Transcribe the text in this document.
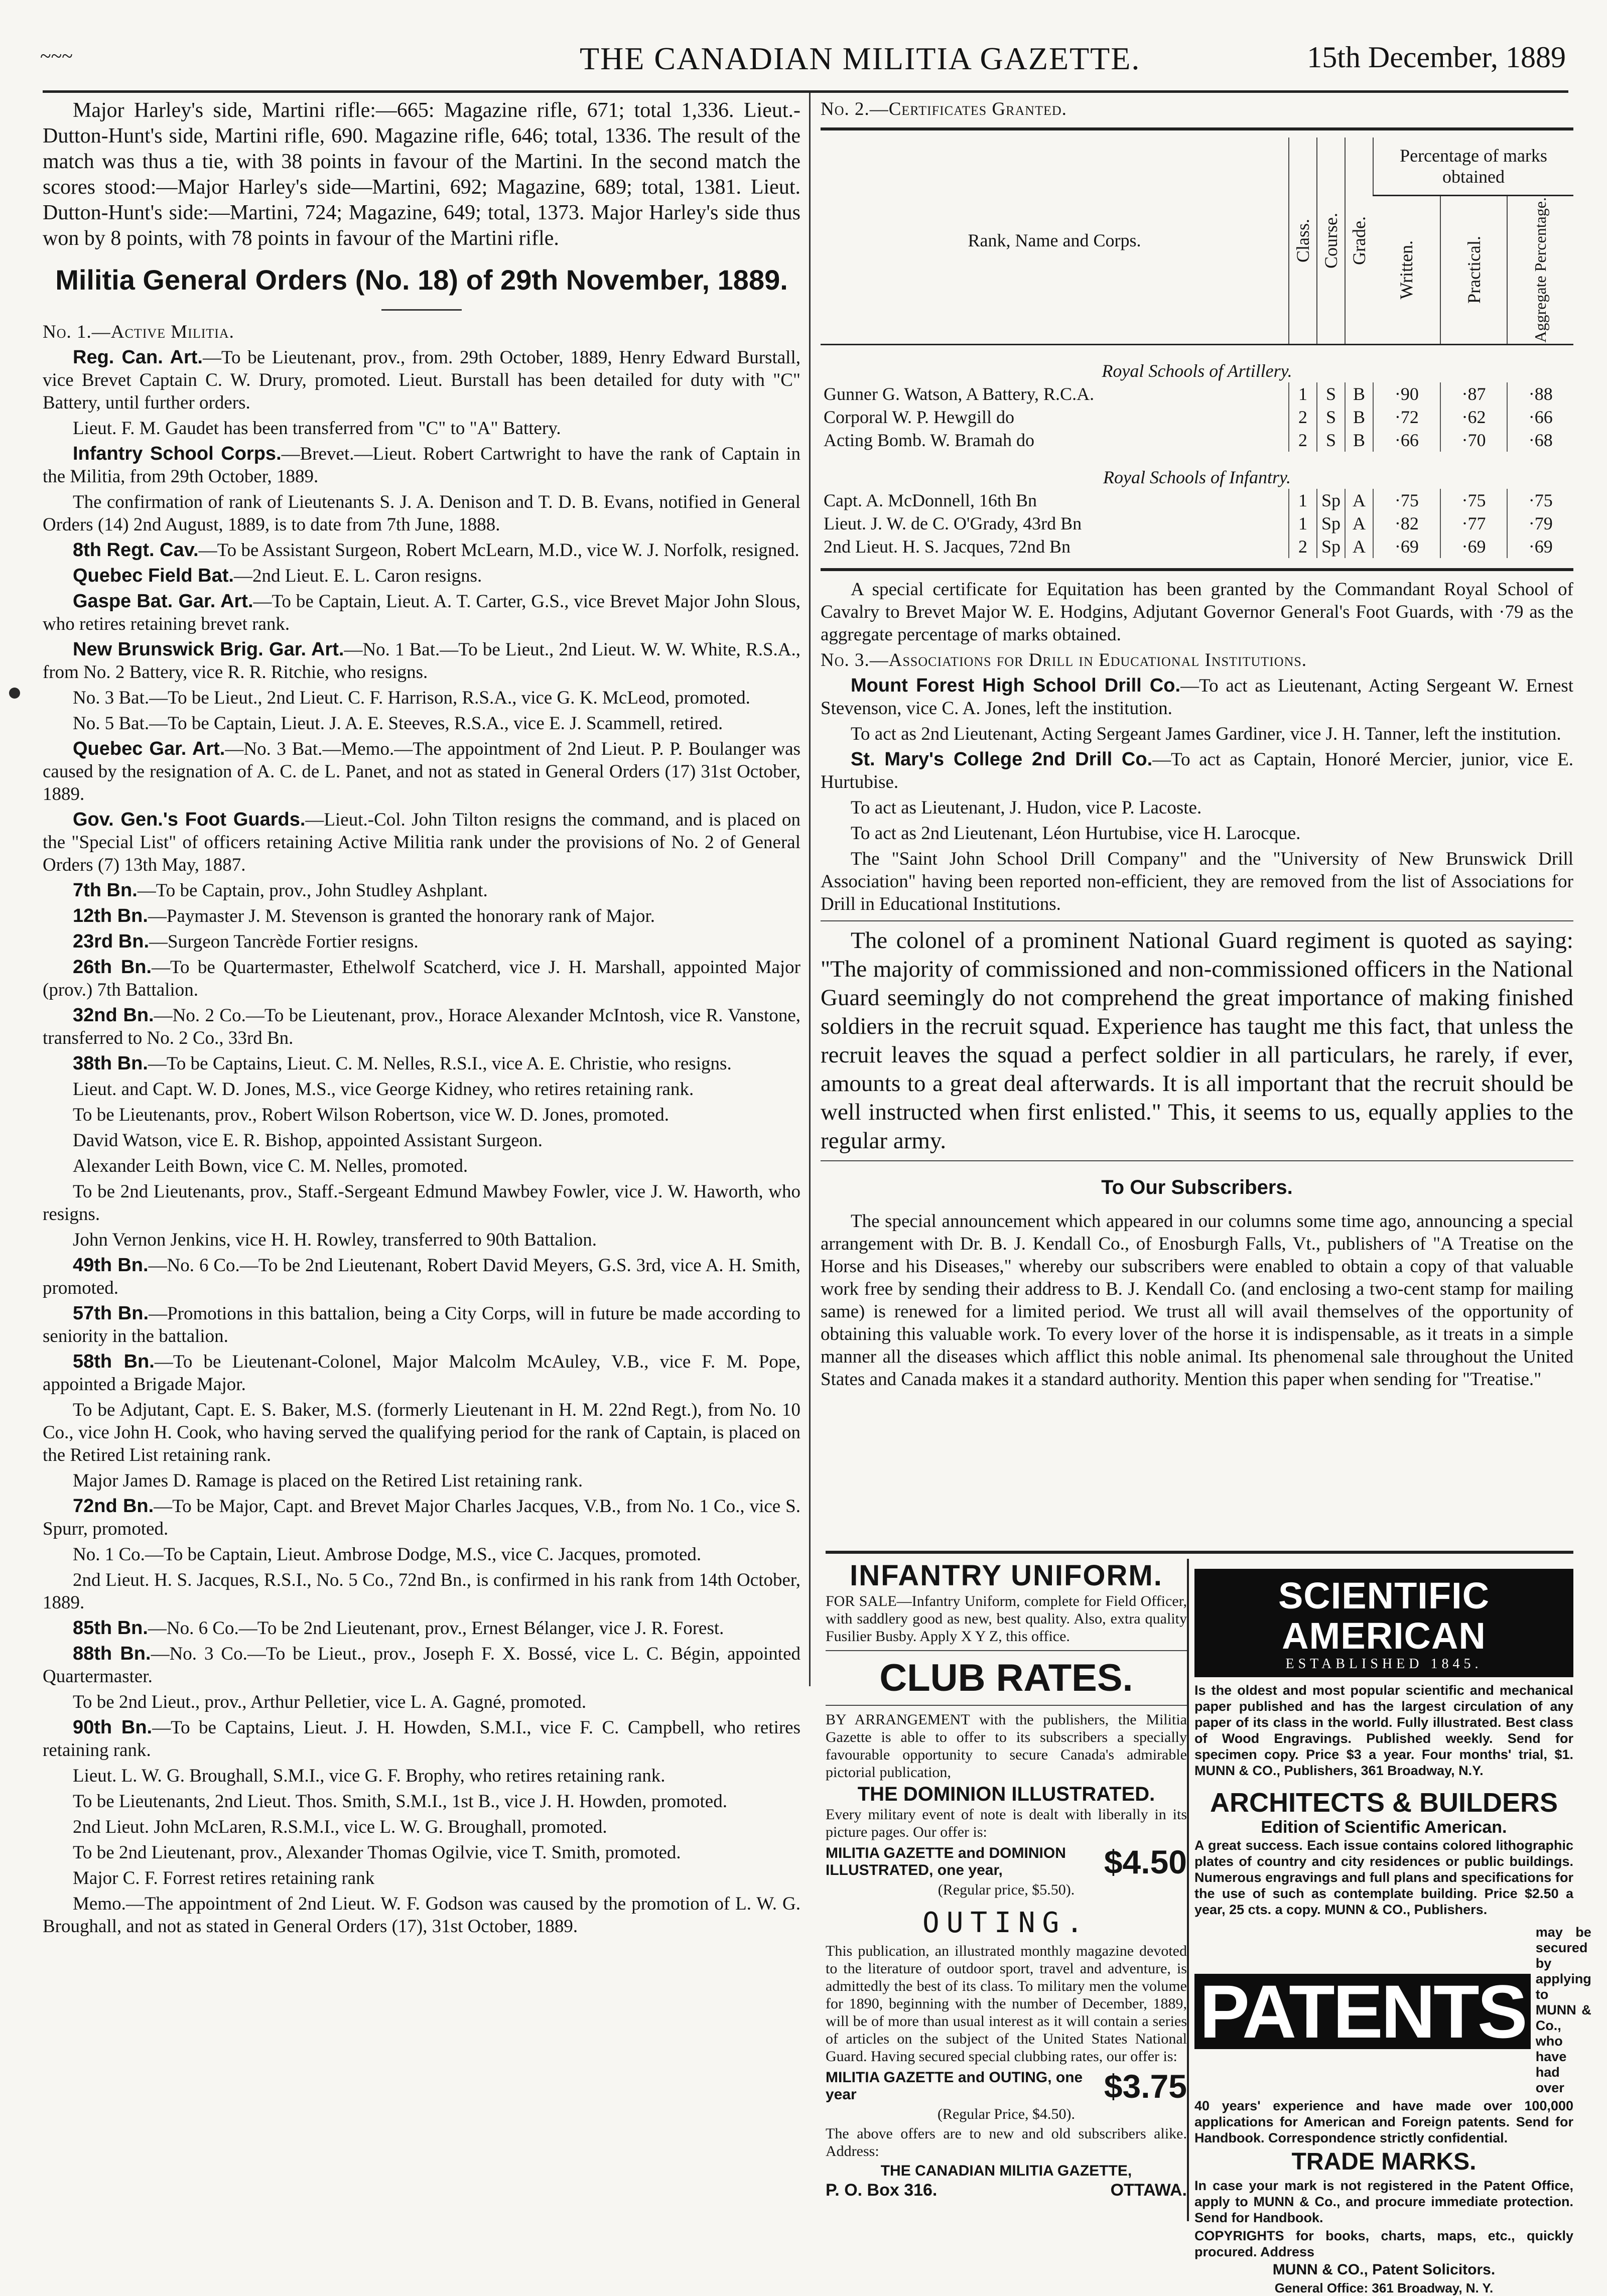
~~~	THE CANADIAN MILITIA GAZETTE.	15th December, 1889

Major Harley's side, Martini rifle:—665: Magazine rifle, 671; total 1,336. Lieut.-Dutton-Hunt's side, Martini rifle, 690. Magazine rifle, 646; total, 1336. The result of the match was thus a tie, with 38 points in favour of the Martini. In the second match the scores stood:—Major Harley's side—Martini, 692; Magazine, 689; total, 1381. Lieut. Dutton-Hunt's side:—Martini, 724; Magazine, 649; total, 1373. Major Harley's side thus won by 8 points, with 78 points in favour of the Martini rifle.

Militia General Orders (No. 18) of 29th November, 1889.

No. 1.—Active Militia.

Reg. Can. Art.—To be Lieutenant, prov., from. 29th October, 1889, Henry Edward Burstall, vice Brevet Captain C. W. Drury, promoted. Lieut. Burstall has been detailed for duty with "C" Battery, until further orders.

Lieut. F. M. Gaudet has been transferred from "C" to "A" Battery.

Infantry School Corps.—Brevet.—Lieut. Robert Cartwright to have the rank of Captain in the Militia, from 29th October, 1889.

The confirmation of rank of Lieutenants S. J. A. Denison and T. D. B. Evans, notified in General Orders (14) 2nd August, 1889, is to date from 7th June, 1888.

8th Regt. Cav.—To be Assistant Surgeon, Robert McLearn, M.D., vice W. J. Norfolk, resigned.

Quebec Field Bat.—2nd Lieut. E. L. Caron resigns.

Gaspe Bat. Gar. Art.—To be Captain, Lieut. A. T. Carter, G.S., vice Brevet Major John Slous, who retires retaining brevet rank.

New Brunswick Brig. Gar. Art.—No. 1 Bat.—To be Lieut., 2nd Lieut. W. W. White, R.S.A., from No. 2 Battery, vice R. R. Ritchie, who resigns.

No. 3 Bat.—To be Lieut., 2nd Lieut. C. F. Harrison, R.S.A., vice G. K. McLeod, promoted.

No. 5 Bat.—To be Captain, Lieut. J. A. E. Steeves, R.S.A., vice E. J. Scammell, retired.

Quebec Gar. Art.—No. 3 Bat.—Memo.—The appointment of 2nd Lieut. P. P. Boulanger was caused by the resignation of A. C. de L. Panet, and not as stated in General Orders (17) 31st October, 1889.

Gov. Gen.'s Foot Guards.—Lieut.-Col. John Tilton resigns the command, and is placed on the "Special List" of officers retaining Active Militia rank under the provisions of No. 2 of General Orders (7) 13th May, 1887.

7th Bn.—To be Captain, prov., John Studley Ashplant.

12th Bn.—Paymaster J. M. Stevenson is granted the honorary rank of Major.

23rd Bn.—Surgeon Tancrède Fortier resigns.

26th Bn.—To be Quartermaster, Ethelwolf Scatcherd, vice J. H. Marshall, appointed Major (prov.) 7th Battalion.

32nd Bn.—No. 2 Co.—To be Lieutenant, prov., Horace Alexander McIntosh, vice R. Vanstone, transferred to No. 2 Co., 33rd Bn.

38th Bn.—To be Captains, Lieut. C. M. Nelles, R.S.I., vice A. E. Christie, who resigns.

Lieut. and Capt. W. D. Jones, M.S., vice George Kidney, who retires retaining rank.

To be Lieutenants, prov., Robert Wilson Robertson, vice W. D. Jones, promoted.

David Watson, vice E. R. Bishop, appointed Assistant Surgeon.

Alexander Leith Bown, vice C. M. Nelles, promoted.

To be 2nd Lieutenants, prov., Staff.-Sergeant Edmund Mawbey Fowler, vice J. W. Haworth, who resigns.

John Vernon Jenkins, vice H. H. Rowley, transferred to 90th Battalion.

49th Bn.—No. 6 Co.—To be 2nd Lieutenant, Robert David Meyers, G.S. 3rd, vice A. H. Smith, promoted.

57th Bn.—Promotions in this battalion, being a City Corps, will in future be made according to seniority in the battalion.

58th Bn.—To be Lieutenant-Colonel, Major Malcolm McAuley, V.B., vice F. M. Pope, appointed a Brigade Major.

To be Adjutant, Capt. E. S. Baker, M.S. (formerly Lieutenant in H. M. 22nd Regt.), from No. 10 Co., vice John H. Cook, who having served the qualifying period for the rank of Captain, is placed on the Retired List retaining rank.

Major James D. Ramage is placed on the Retired List retaining rank.

72nd Bn.—To be Major, Capt. and Brevet Major Charles Jacques, V.B., from No. 1 Co., vice S. Spurr, promoted.

No. 1 Co.—To be Captain, Lieut. Ambrose Dodge, M.S., vice C. Jacques, promoted.

2nd Lieut. H. S. Jacques, R.S.I., No. 5 Co., 72nd Bn., is confirmed in his rank from 14th October, 1889.

85th Bn.—No. 6 Co.—To be 2nd Lieutenant, prov., Ernest Bélanger, vice J. R. Forest.

88th Bn.—No. 3 Co.—To be Lieut., prov., Joseph F. X. Bossé, vice L. C. Bégin, appointed Quartermaster.

To be 2nd Lieut., prov., Arthur Pelletier, vice L. A. Gagné, promoted.

90th Bn.—To be Captains, Lieut. J. H. Howden, S.M.I., vice F. C. Campbell, who retires retaining rank.

Lieut. L. W. G. Broughall, S.M.I., vice G. F. Brophy, who retires retaining rank.

To be Lieutenants, 2nd Lieut. Thos. Smith, S.M.I., 1st B., vice J. H. Howden, promoted.

2nd Lieut. John McLaren, R.S.M.I., vice L. W. G. Broughall, promoted.

To be 2nd Lieutenant, prov., Alexander Thomas Ogilvie, vice T. Smith, promoted.

Major C. F. Forrest retires retaining rank

Memo.—The appointment of 2nd Lieut. W. F. Godson was caused by the promotion of L. W. G. Broughall, and not as stated in General Orders (17), 31st October, 1889.

No. 2.—Certificates Granted.

Rank, Name and Corps.	Class.	Course.	Grade.	Percentage of marks obtained		

				Written.	Practical.	Aggregate Percentage.

Royal Schools of Artillery.						
Gunner G. Watson, A Battery, R.C.A.	1	S	B	·90	·87	·88
Corporal W. P. Hewgill do	2	S	B	·72	·62	·66
Acting Bomb. W. Bramah do	2	S	B	·66	·70	·68
Royal Schools of Infantry.						
Capt. A. McDonnell, 16th Bn	1	Sp	A	·75	·75	·75
Lieut. J. W. de C. O'Grady, 43rd Bn	1	Sp	A	·82	·77	·79
2nd Lieut. H. S. Jacques, 72nd Bn	2	Sp	A	·69	·69	·69

A special certificate for Equitation has been granted by the Commandant Royal School of Cavalry to Brevet Major W. E. Hodgins, Adjutant Governor General's Foot Guards, with ·79 as the aggregate percentage of marks obtained.

No. 3.—Associations for Drill in Educational Institutions.

Mount Forest High School Drill Co.—To act as Lieutenant, Acting Sergeant W. Ernest Stevenson, vice C. A. Jones, left the institution.

To act as 2nd Lieutenant, Acting Sergeant James Gardiner, vice J. H. Tanner, left the institution.

St. Mary's College 2nd Drill Co.—To act as Captain, Honoré Mercier, junior, vice E. Hurtubise.

To act as Lieutenant, J. Hudon, vice P. Lacoste.

To act as 2nd Lieutenant, Léon Hurtubise, vice H. Larocque.

The "Saint John School Drill Company" and the "University of New Brunswick Drill Association" having been reported non-efficient, they are removed from the list of Associations for Drill in Educational Institutions.

The colonel of a prominent National Guard regiment is quoted as saying: "The majority of commissioned and non-commissioned officers in the National Guard seemingly do not comprehend the great importance of making finished soldiers in the recruit squad. Experience has taught me this fact, that unless the recruit leaves the squad a perfect soldier in all particulars, he rarely, if ever, amounts to a great deal afterwards. It is all important that the recruit should be well instructed when first enlisted." This, it seems to us, equally applies to the regular army.

To Our Subscribers.

The special announcement which appeared in our columns some time ago, announcing a special arrangement with Dr. B. J. Kendall Co., of Enosburgh Falls, Vt., publishers of "A Treatise on the Horse and his Diseases," whereby our subscribers were enabled to obtain a copy of that valuable work free by sending their address to B. J. Kendall Co. (and enclosing a two-cent stamp for mailing same) is renewed for a limited period. We trust all will avail themselves of the opportunity of obtaining this valuable work. To every lover of the horse it is indispensable, as it treats in a simple manner all the diseases which afflict this noble animal. Its phenomenal sale throughout the United States and Canada makes it a standard authority. Mention this paper when sending for "Treatise."

INFANTRY UNIFORM.

FOR SALE—Infantry Uniform, complete for Field Officer, with saddlery good as new, best quality. Also, extra quality Fusilier Busby. Apply X Y Z, this office.

CLUB RATES.

BY ARRANGEMENT with the publishers, the Militia Gazette is able to offer to its subscribers a specially favourable opportunity to secure Canada's admirable pictorial publication,

THE DOMINION ILLUSTRATED.

Every military event of note is dealt with liberally in its picture pages. Our offer is:

MILITIA GAZETTE and DOMINION ILLUSTRATED, one year,	$4.50

(Regular price, $5.50).

OUTING.

This publication, an illustrated monthly magazine devoted to the literature of outdoor sport, travel and adventure, is admittedly the best of its class. To military men the volume for 1890, beginning with the number of December, 1889, will be of more than usual interest as it will contain a series of articles on the subject of the United States National Guard. Having secured special clubbing rates, our offer is:

MILITIA GAZETTE and OUTING, one year	$3.75

(Regular Price, $4.50).

The above offers are to new and old subscribers alike. Address:

THE CANADIAN MILITIA GAZETTE,

P. O. Box 316.	OTTAWA.
SCIENTIFIC AMERICAN
ESTABLISHED 1845.

Is the oldest and most popular scientific and mechanical paper published and has the largest circulation of any paper of its class in the world. Fully illustrated. Best class of Wood Engravings. Published weekly. Send for specimen copy. Price $3 a year. Four months' trial, $1. MUNN & CO., Publishers, 361 Broadway, N.Y.

ARCHITECTS & BUILDERS
Edition of Scientific American.

A great success. Each issue contains colored lithographic plates of country and city residences or public buildings. Numerous engravings and full plans and specifications for the use of such as contemplate building. Price $2.50 a year, 25 cts. a copy. MUNN & CO., Publishers.

PATENTS

may be secured by applying to MUNN & Co., who have had over

40 years' experience and have made over 100,000 applications for American and Foreign patents. Send for Handbook. Correspondence strictly confidential.

TRADE MARKS.

In case your mark is not registered in the Patent Office, apply to MUNN & Co., and procure immediate protection. Send for Handbook.

COPYRIGHTS for books, charts, maps, etc., quickly procured. Address

MUNN & CO., Patent Solicitors.

General Office: 361 Broadway, N. Y.
